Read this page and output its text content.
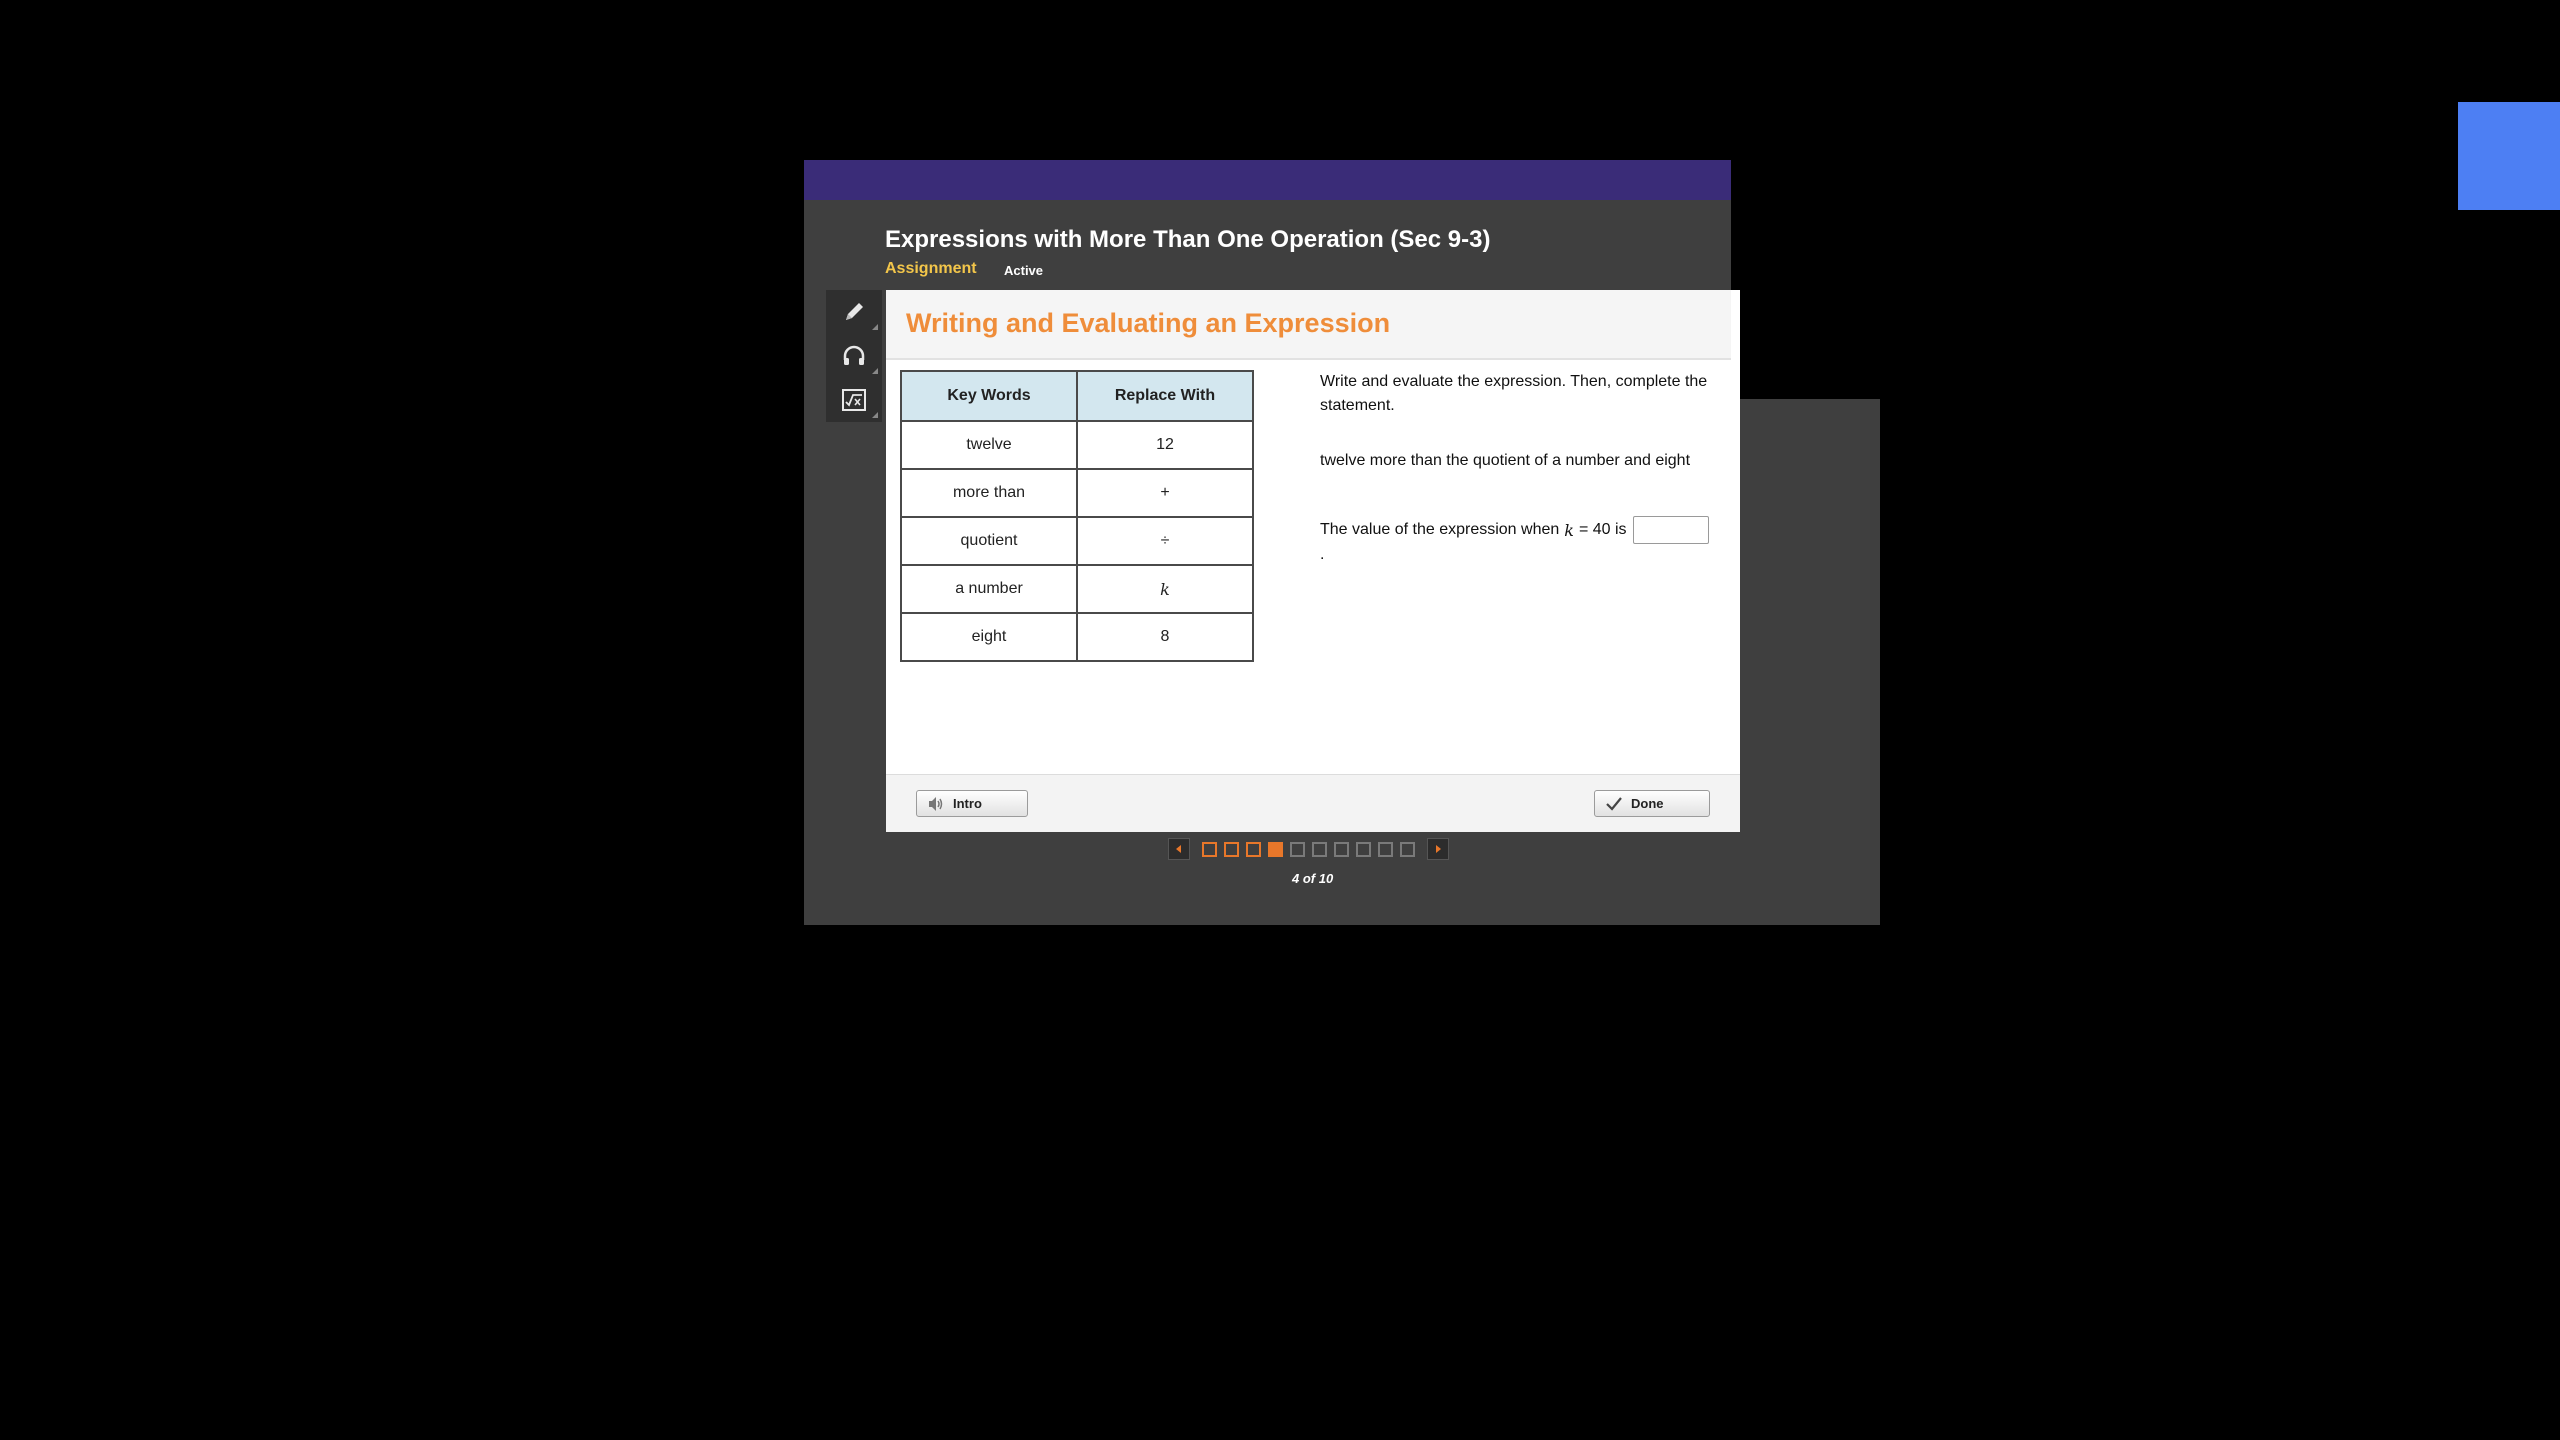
Expressions with More Than One Operation (Sec 9-3)
Assignment Active
Writing and Evaluating an Expression
Key Words	Replace With
twelve	12
more than	+
quotient	÷
a number	k
eight	8
Write and evaluate the expression. Then, complete the statement.
twelve more than the quotient of a number and eight
The value of the expression when k = 40 is
.
Intro	Done
4 of 10
